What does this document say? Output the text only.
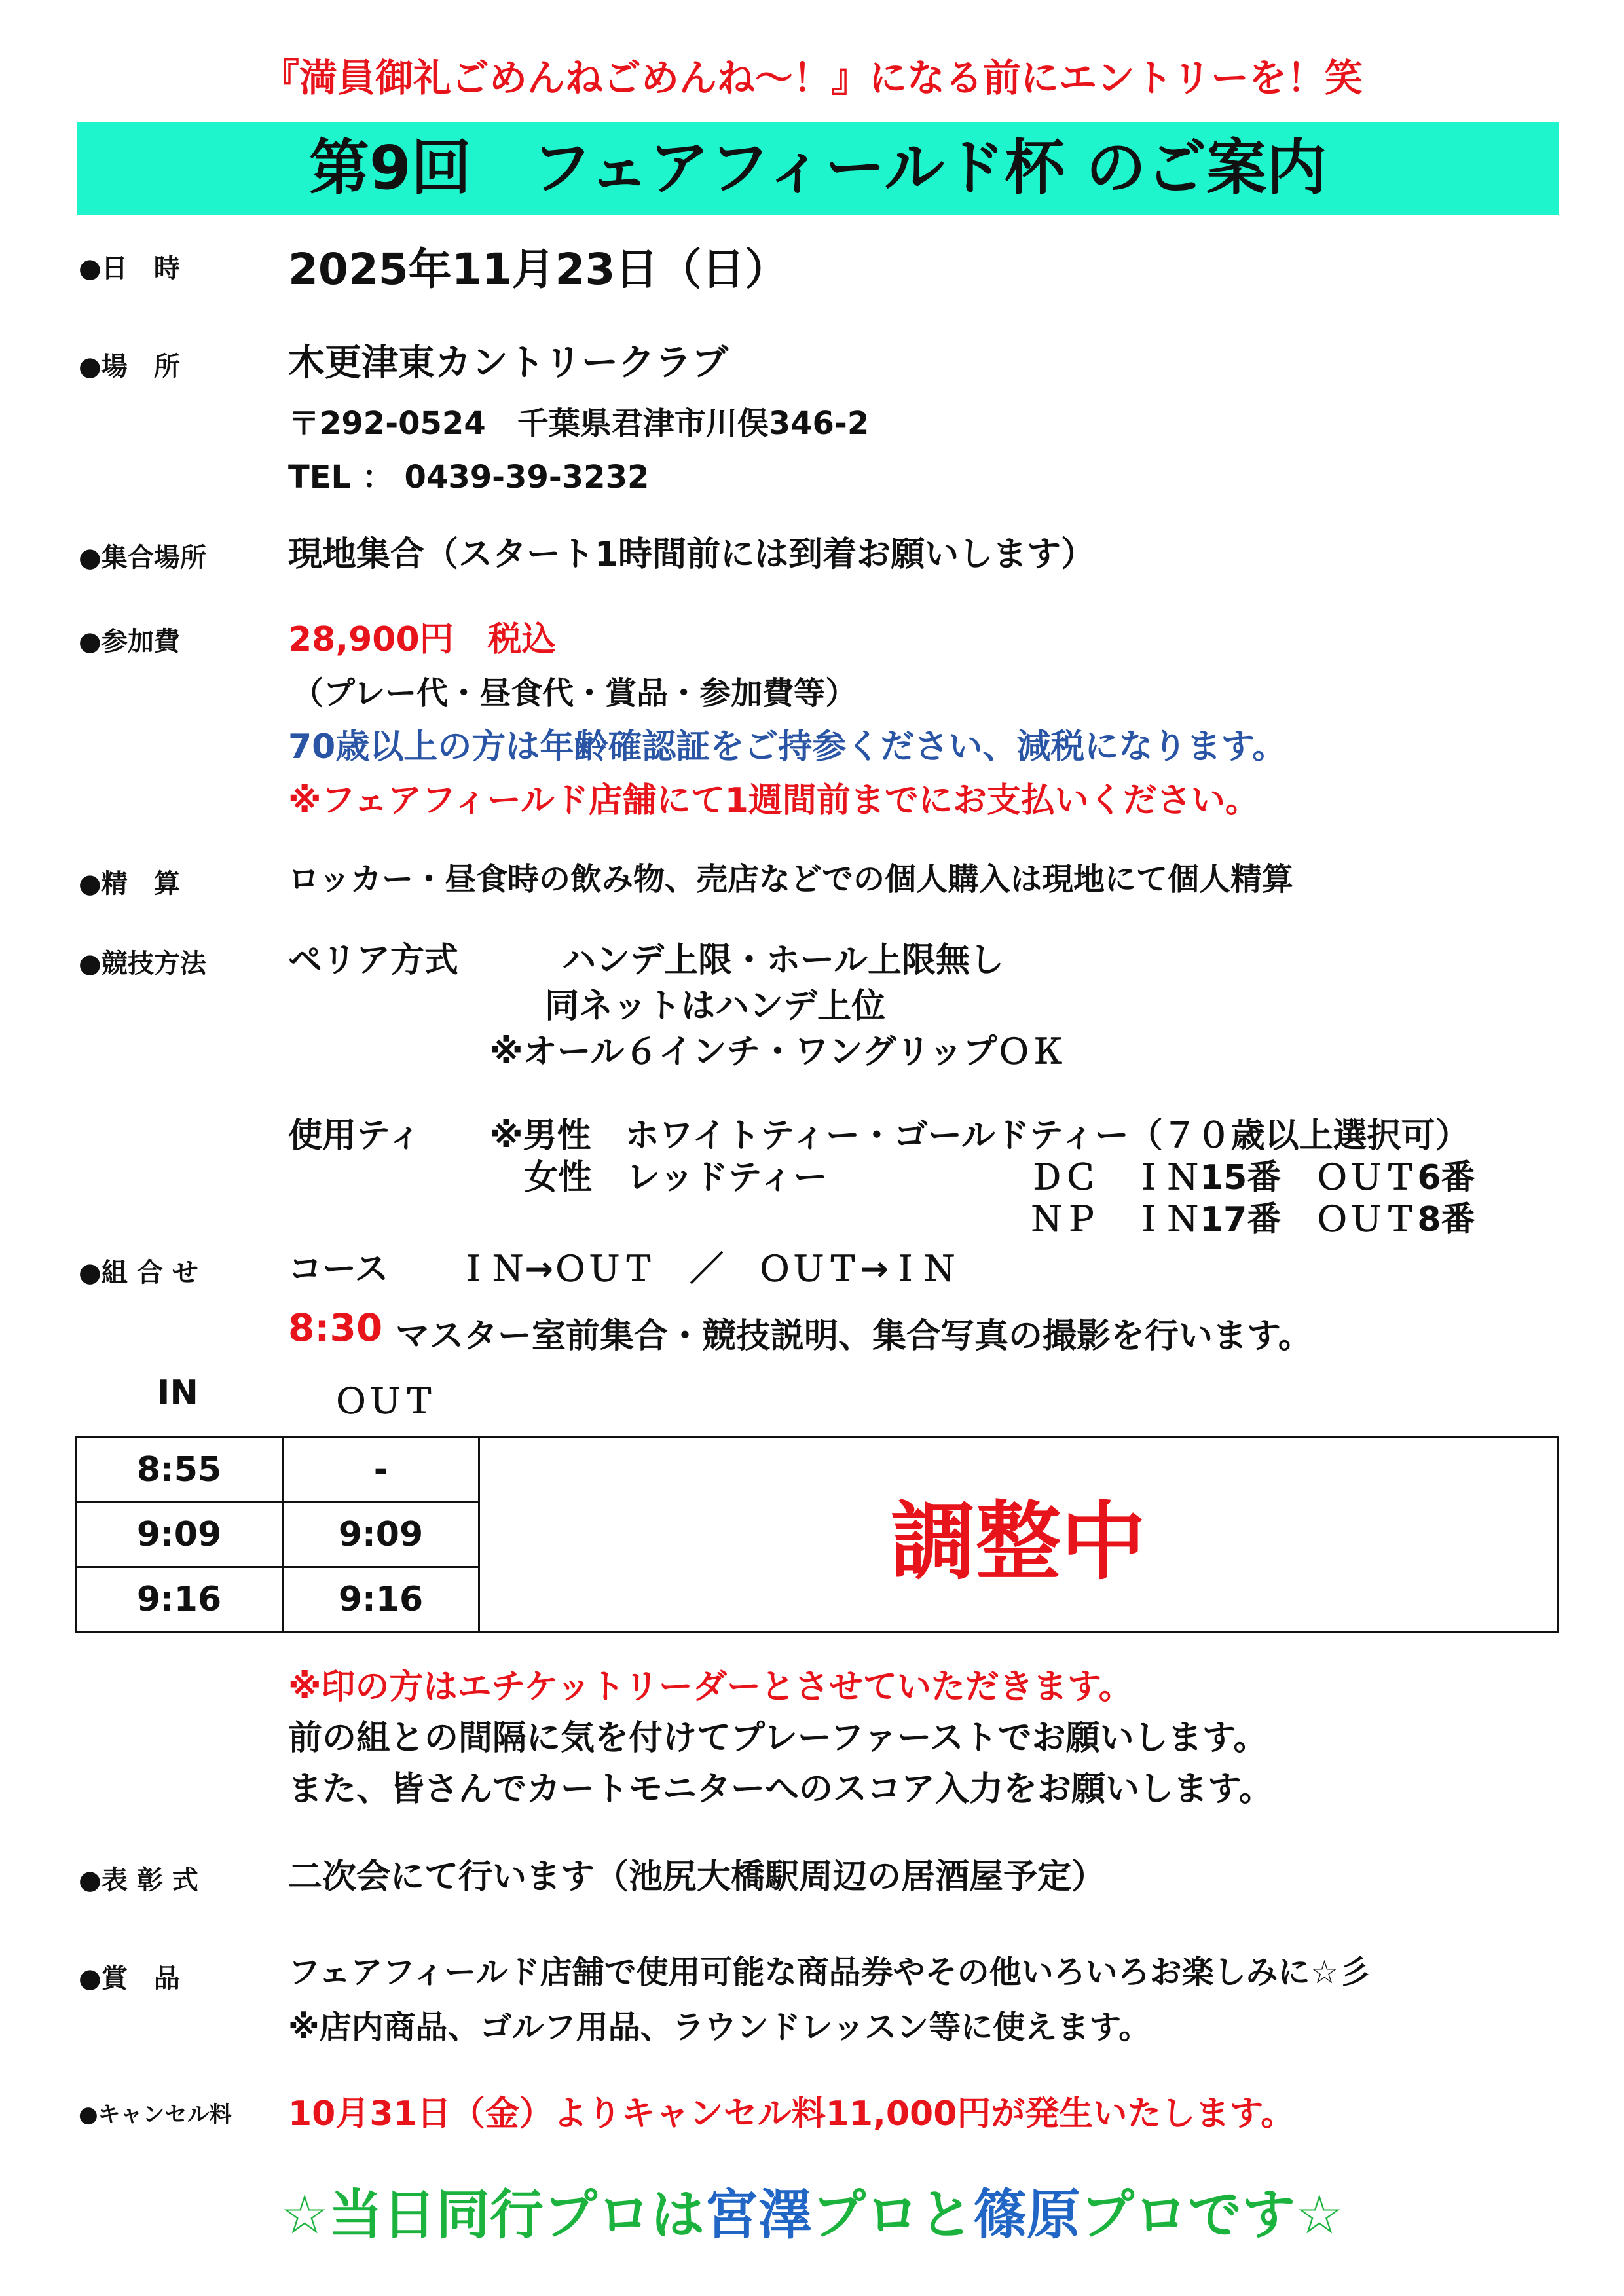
『満員御礼ごめんねごめんね～！』になる前にエントリーを！笑
第9回　フェアフィールド杯 のご案内
●日　時	2025年11月23日（日）
●場　所	木更津東カントリークラブ
〒292-0524　千葉県君津市川俣346-2
TEL ： 0439-39-3232
●集合場所 現地集合（スタート1時間前には到着お願いします）
●参加費	28,900円　税込
（プレー代・昼食代・賞品・参加費等）
70歳以上の方は年齢確認証をご持参ください、減税になります。
※フェアフィールド店舗にて1週間前までにお支払いください。
●精　算	ロッカー・昼食時の飲み物、売店などでの個人購入は現地にて個人精算
●競技方法 ペリア方式	ハンデ上限・ホール上限無し
同ネットはハンデ上位
※オール６インチ・ワングリップＯＫ
使用ティ ※男性　ホワイトティー・ゴールドティー（７０歳以上選択可）
女性　レッドティー	ＤＣ　ＩＮ15番　ＯＵＴ6番
ＮＰ　ＩＮ17番　ＯＵＴ8番
●組 合 せ	コース　　ＩＮ→ＯＵＴ　／　ＯＵＴ→ＩＮ
8:30 マスター室前集合・競技説明、集合写真の撮影を行います。
IN	ＯＵＴ
8:55	-	調整中
9:09	9:09	
9:16	9:16	
※印の方はエチケットリーダーとさせていただきます。
前の組との間隔に気を付けてプレーファーストでお願いします。
また、皆さんでカートモニターへのスコア入力をお願いします。
●表 彰 式	二次会にて行います（池尻大橋駅周辺の居酒屋予定）
●賞　品	フェアフィールド店舗で使用可能な商品券やその他いろいろお楽しみに☆彡
※店内商品、ゴルフ用品、ラウンドレッスン等に使えます。
●キャンセル料 10月31日（金）よりキャンセル料11,000円が発生いたします。
☆当日同行プロは宮澤プロと篠原プロです☆
